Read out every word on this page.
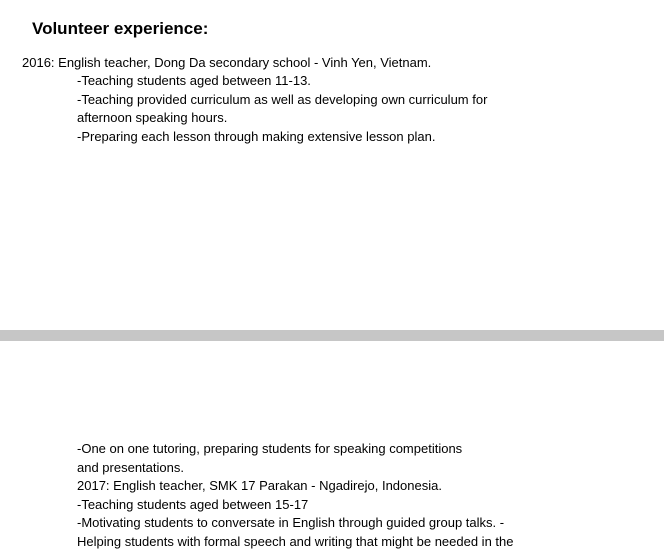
Volunteer experience:
2016: English teacher, Dong Da secondary school - Vinh Yen, Vietnam.
-Teaching students aged between 11-13.
-Teaching provided curriculum as well as developing own curriculum for
afternoon speaking hours.
-Preparing each lesson through making extensive lesson plan.
-One on one tutoring, preparing students for speaking competitions
and presentations.
2017: English teacher, SMK 17 Parakan - Ngadirejo, Indonesia.
-Teaching students aged between 15-17
-Motivating students to conversate in English through guided group talks. -
Helping students with formal speech and writing that might be needed in the
